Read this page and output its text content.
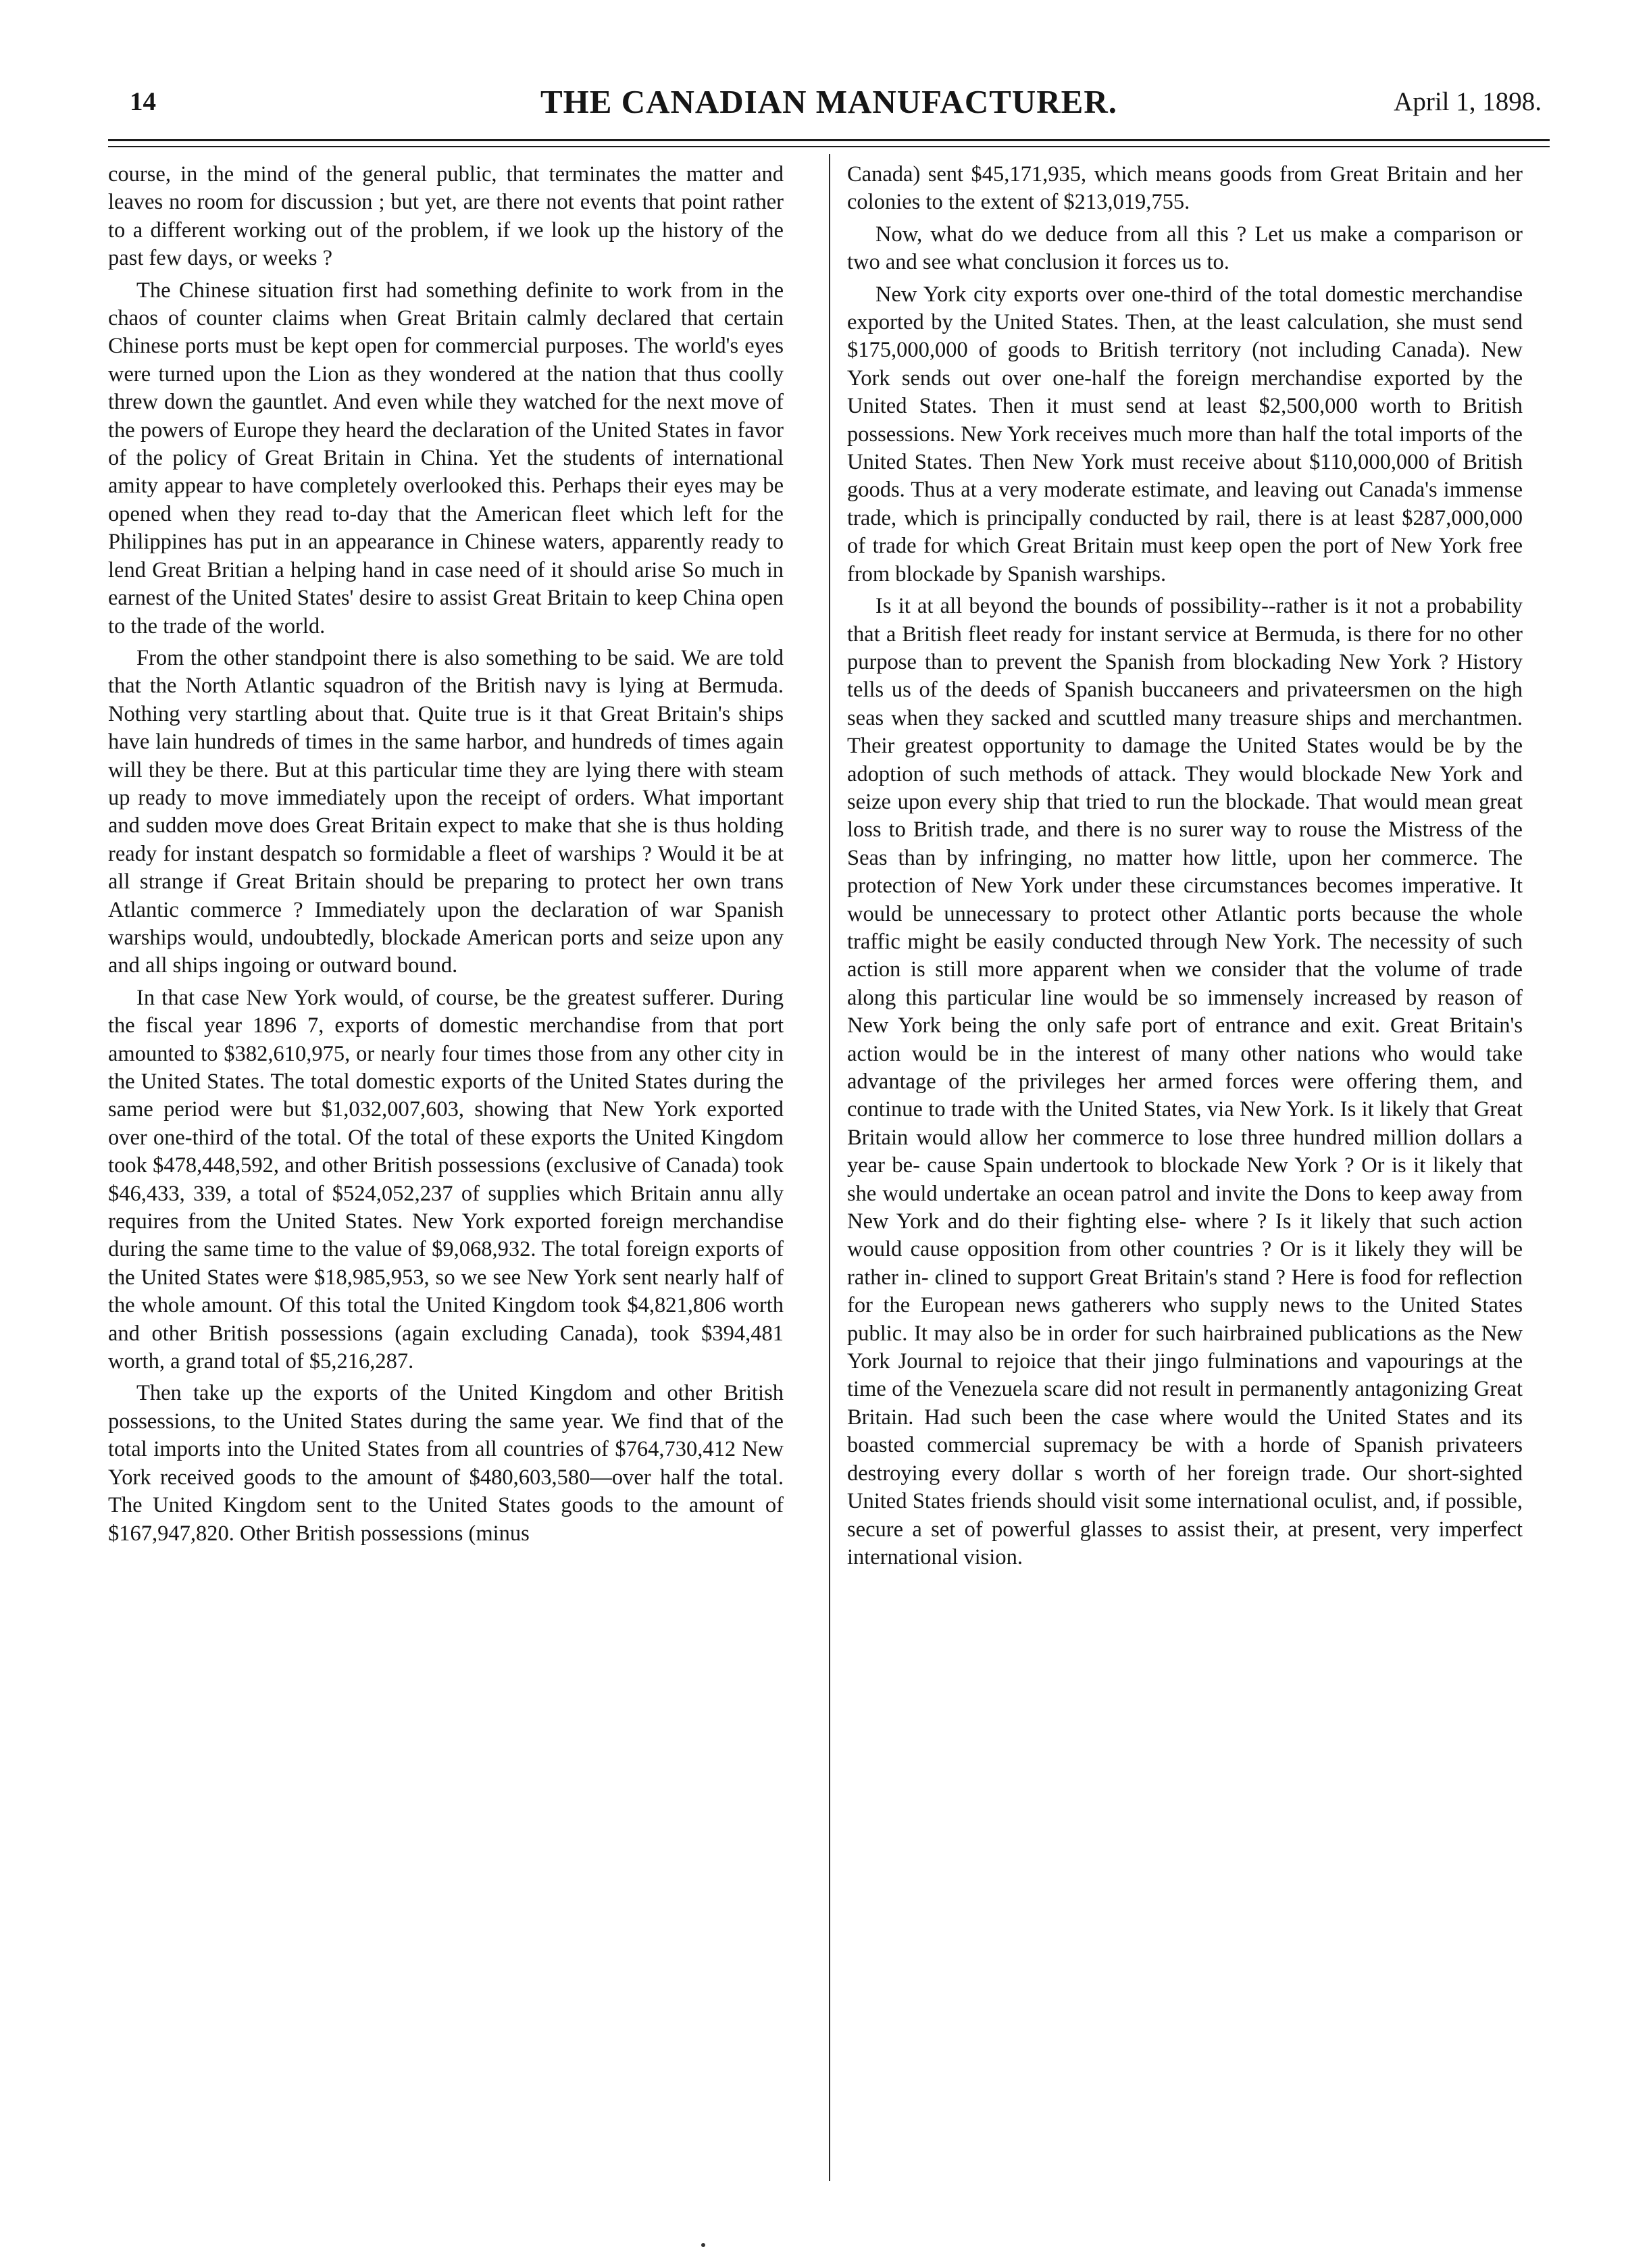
14	THE CANADIAN MANUFACTURER.	April 1, 1898.

course, in the mind of the general public, that terminates the matter and leaves no room for discussion ; but yet, are there not events that point rather to a different working out of the problem, if we look up the history of the past few days, or weeks ?

The Chinese situation first had something definite to work from in the chaos of counter claims when Great Britain calmly declared that certain Chinese ports must be kept open for commercial purposes. The world's eyes were turned upon the Lion as they wondered at the nation that thus coolly threw down the gauntlet. And even while they watched for the next move of the powers of Europe they heard the declaration of the United States in favor of the policy of Great Britain in China. Yet the students of international amity appear to have completely overlooked this. Perhaps their eyes may be opened when they read to-day that the American fleet which left for the Philippines has put in an appearance in Chinese waters, apparently ready to lend Great Britian a helping hand in case need of it should arise So much in earnest of the United States' desire to assist Great Britain to keep China open to the trade of the world.

From the other standpoint there is also something to be said. We are told that the North Atlantic squadron of the British navy is lying at Bermuda. Nothing very startling about that. Quite true is it that Great Britain's ships have lain hundreds of times in the same harbor, and hundreds of times again will they be there. But at this particular time they are lying there with steam up ready to move immediately upon the receipt of orders. What important and sudden move does Great Britain expect to make that she is thus holding ready for instant despatch so formidable a fleet of warships ? Would it be at all strange if Great Britain should be preparing to protect her own trans Atlantic commerce ? Immediately upon the declaration of war Spanish warships would, undoubtedly, blockade American ports and seize upon any and all ships ingoing or outward bound.

In that case New York would, of course, be the greatest sufferer. During the fiscal year 1896 7, exports of domestic merchandise from that port amounted to $382,610,975, or nearly four times those from any other city in the United States. The total domestic exports of the United States during the same period were but $1,032,007,603, showing that New York exported over one-third of the total. Of the total of these exports the United Kingdom took $478,448,592, and other British possessions (exclusive of Canada) took $46,433, 339, a total of $524,052,237 of supplies which Britain annu ally requires from the United States. New York exported foreign merchandise during the same time to the value of $9,068,932. The total foreign exports of the United States were $18,985,953, so we see New York sent nearly half of the whole amount. Of this total the United Kingdom took $4,821,806 worth and other British possessions (again excluding Canada), took $394,481 worth, a grand total of $5,216,287.

Then take up the exports of the United Kingdom and other British possessions, to the United States during the same year. We find that of the total imports into the United States from all countries of $764,730,412 New York received goods to the amount of $480,603,580—over half the total. The United Kingdom sent to the United States goods to the amount of $167,947,820. Other British possessions (minus

Canada) sent $45,171,935, which means goods from Great Britain and her colonies to the extent of $213,019,755.

Now, what do we deduce from all this ? Let us make a comparison or two and see what conclusion it forces us to.

New York city exports over one-third of the total domestic merchandise exported by the United States. Then, at the least calculation, she must send $175,000,000 of goods to British territory (not including Canada). New York sends out over one-half the foreign merchandise exported by the United States. Then it must send at least $2,500,000 worth to British possessions. New York receives much more than half the total imports of the United States. Then New York must receive about $110,000,000 of British goods. Thus at a very moderate estimate, and leaving out Canada's immense trade, which is principally conducted by rail, there is at least $287,000,000 of trade for which Great Britain must keep open the port of New York free from blockade by Spanish warships.

Is it at all beyond the bounds of possibility--rather is it not a probability that a British fleet ready for instant service at Bermuda, is there for no other purpose than to prevent the Spanish from blockading New York ? History tells us of the deeds of Spanish buccaneers and privateersmen on the high seas when they sacked and scuttled many treasure ships and merchantmen. Their greatest opportunity to damage the United States would be by the adoption of such methods of attack. They would blockade New York and seize upon every ship that tried to run the blockade. That would mean great loss to British trade, and there is no surer way to rouse the Mistress of the Seas than by infringing, no matter how little, upon her commerce. The protection of New York under these circumstances becomes imperative. It would be unnecessary to protect other Atlantic ports because the whole traffic might be easily conducted through New York. The necessity of such action is still more apparent when we consider that the volume of trade along this particular line would be so immensely increased by reason of New York being the only safe port of entrance and exit. Great Britain's action would be in the interest of many other nations who would take advantage of the privileges her armed forces were offering them, and continue to trade with the United States, via New York. Is it likely that Great Britain would allow her commerce to lose three hundred million dollars a year be- cause Spain undertook to blockade New York ? Or is it likely that she would undertake an ocean patrol and invite the Dons to keep away from New York and do their fighting else- where ? Is it likely that such action would cause opposition from other countries ? Or is it likely they will be rather in- clined to support Great Britain's stand ? Here is food for reflection for the European news gatherers who supply news to the United States public. It may also be in order for such hairbrained publications as the New York Journal to rejoice that their jingo fulminations and vapourings at the time of the Venezuela scare did not result in permanently antagonizing Great Britain. Had such been the case where would the United States and its boasted commercial supremacy be with a horde of Spanish privateers destroying every dollar s worth of her foreign trade. Our short-sighted United States friends should visit some international oculist, and, if possible, secure a set of powerful glasses to assist their, at present, very imperfect international vision.
